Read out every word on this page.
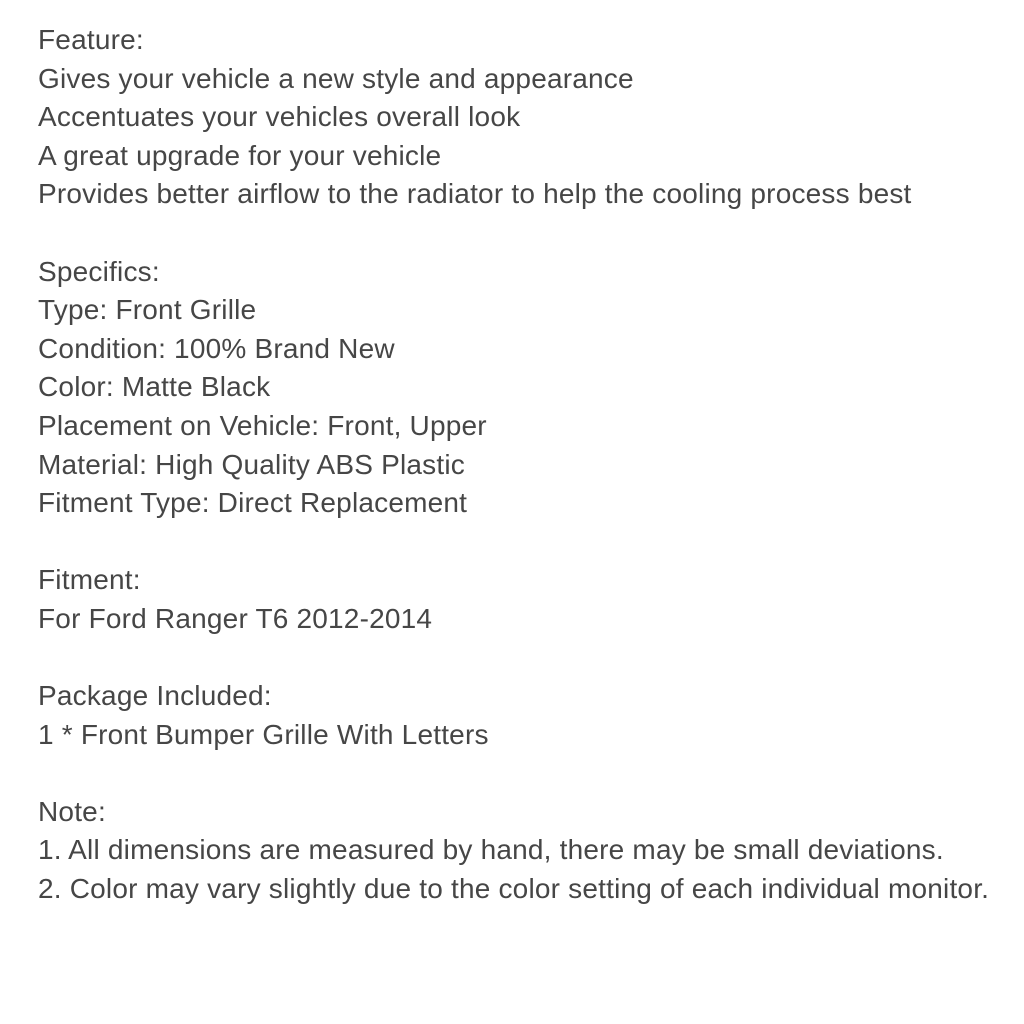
Feature:
Gives your vehicle a new style and appearance
Accentuates your vehicles overall look
A great upgrade for your vehicle
Provides better airflow to the radiator to help the cooling process best
Specifics:
Type: Front Grille
Condition: 100% Brand New
Color: Matte Black
Placement on Vehicle: Front, Upper
Material: High Quality ABS Plastic
Fitment Type: Direct Replacement
Fitment:
For Ford Ranger T6 2012-2014
Package Included:
1 * Front Bumper Grille With Letters
Note:
1. All dimensions are measured by hand, there may be small deviations.
2. Color may vary slightly due to the color setting of each individual monitor.
